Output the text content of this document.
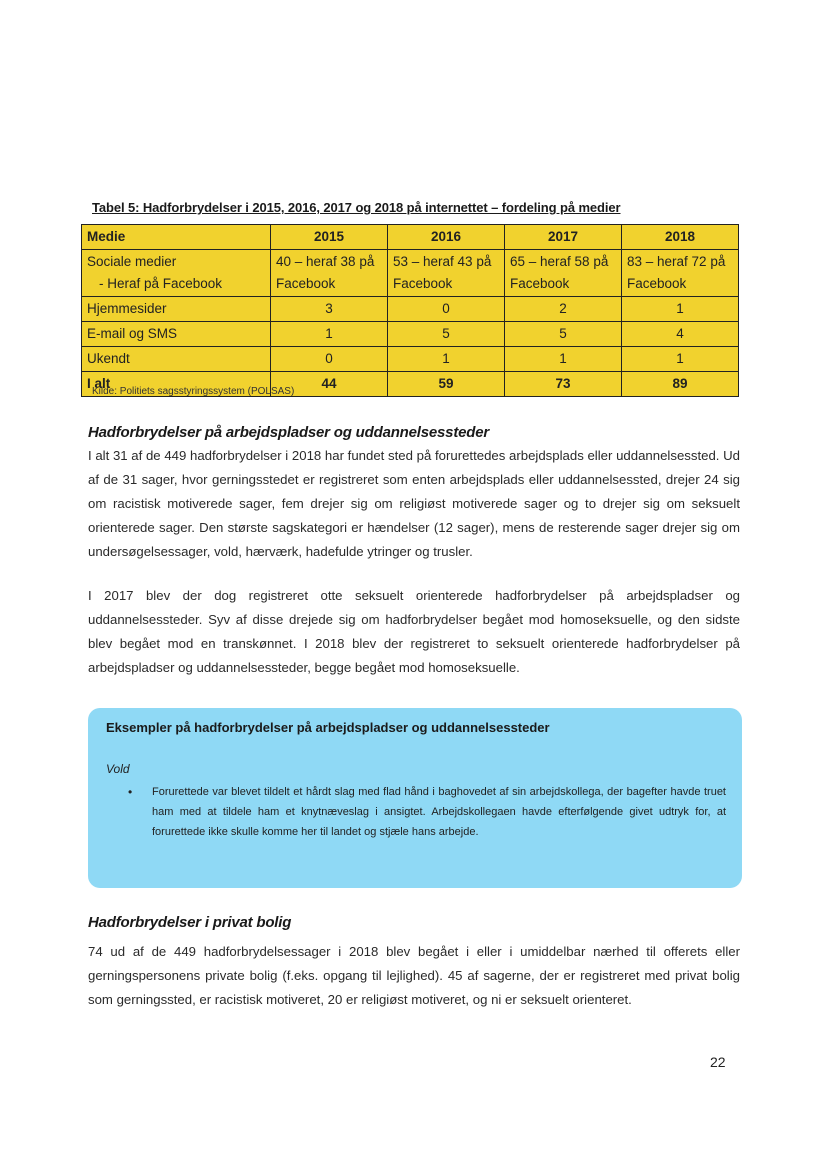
Tabel 5: Hadforbrydelser i 2015, 2016, 2017 og 2018 på internettet – fordeling på medier
Medie	2015	2016	2017	2018
Sociale medier
- Heraf på Facebook	40 – heraf 38 på Facebook	53 – heraf 43 på Facebook	65 – heraf 58 på Facebook	83 – heraf 72 på Facebook
Hjemmesider	3	0	2	1
E-mail og SMS	1	5	5	4
Ukendt	0	1	1	1
I alt	44	59	73	89
Kilde: Politiets sagsstyringssystem (POLSAS)
Hadforbrydelser på arbejdspladser og uddannelsessteder

I alt 31 af de 449 hadforbrydelser i 2018 har fundet sted på forurettedes arbejdsplads eller uddannelsessted. Ud af de 31 sager, hvor gerningsstedet er registreret som enten arbejdsplads eller uddannelsessted, drejer 24 sig om racistisk motiverede sager, fem drejer sig om religiøst motiverede sager og to drejer sig om seksuelt orienterede sager. Den største sagskategori er hændelser (12 sager), mens de resterende sager drejer sig om undersøgelsessager, vold, hærværk, hadefulde ytringer og trusler.

I 2017 blev der dog registreret otte seksuelt orienterede hadforbrydelser på arbejdspladser og uddannelsessteder. Syv af disse drejede sig om hadforbrydelser begået mod homoseksuelle, og den sidste blev begået mod en transkønnet. I 2018 blev der registreret to seksuelt orienterede hadforbrydelser på arbejdspladser og uddannelsessteder, begge begået mod homoseksuelle.

Eksempler på hadforbrydelser på arbejdspladser og uddannelsessteder
Vold
• Forurettede var blevet tildelt et hårdt slag med flad hånd i baghovedet af sin arbejdskollega, der bagefter havde truet ham med at tildele ham et knytnæveslag i ansigtet. Arbejdskollegaen havde efterfølgende givet udtryk for, at forurettede ikke skulle komme her til landet og stjæle hans arbejde.
Hadforbrydelser i privat bolig

74 ud af de 449 hadforbrydelsessager i 2018 blev begået i eller i umiddelbar nærhed til offerets eller gerningspersonens private bolig (f.eks. opgang til lejlighed). 45 af sagerne, der er registreret med privat bolig som gerningssted, er racistisk motiveret, 20 er religiøst motiveret, og ni er seksuelt orienteret.

22
